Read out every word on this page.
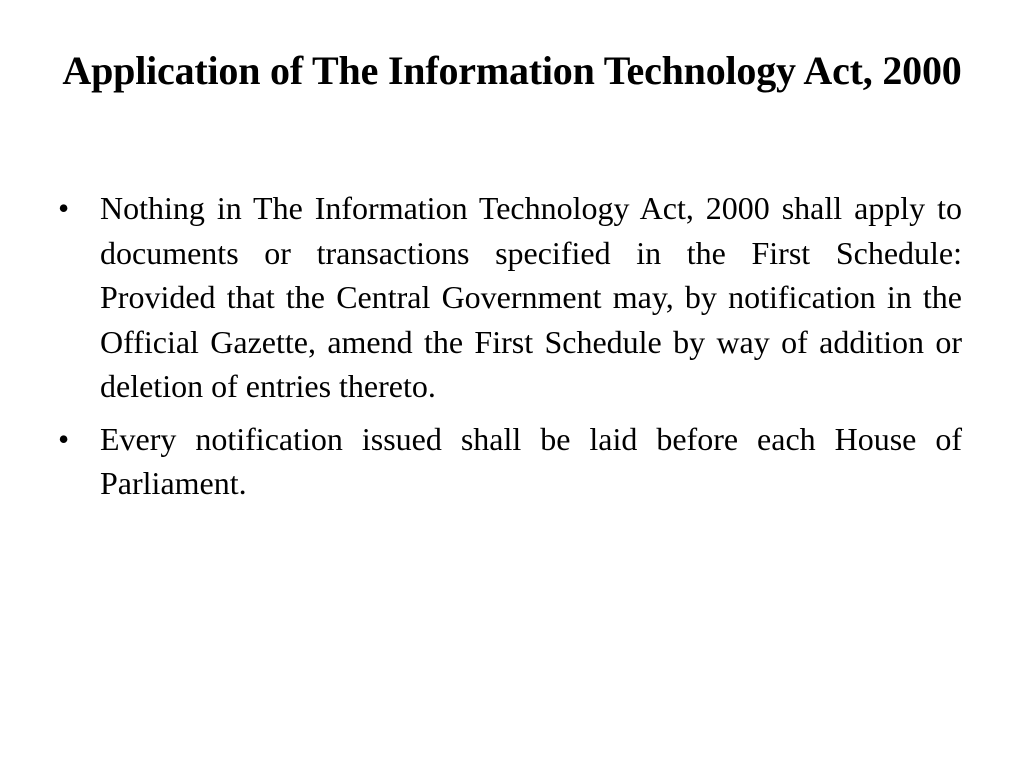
Application of The Information Technology Act, 2000
• Nothing in The Information Technology Act, 2000 shall apply to documents or transactions specified in the First Schedule: Provided that the Central Government may, by notification in the Official Gazette, amend the First Schedule by way of addition or deletion of entries thereto.
• Every notification issued shall be laid before each House of Parliament.
